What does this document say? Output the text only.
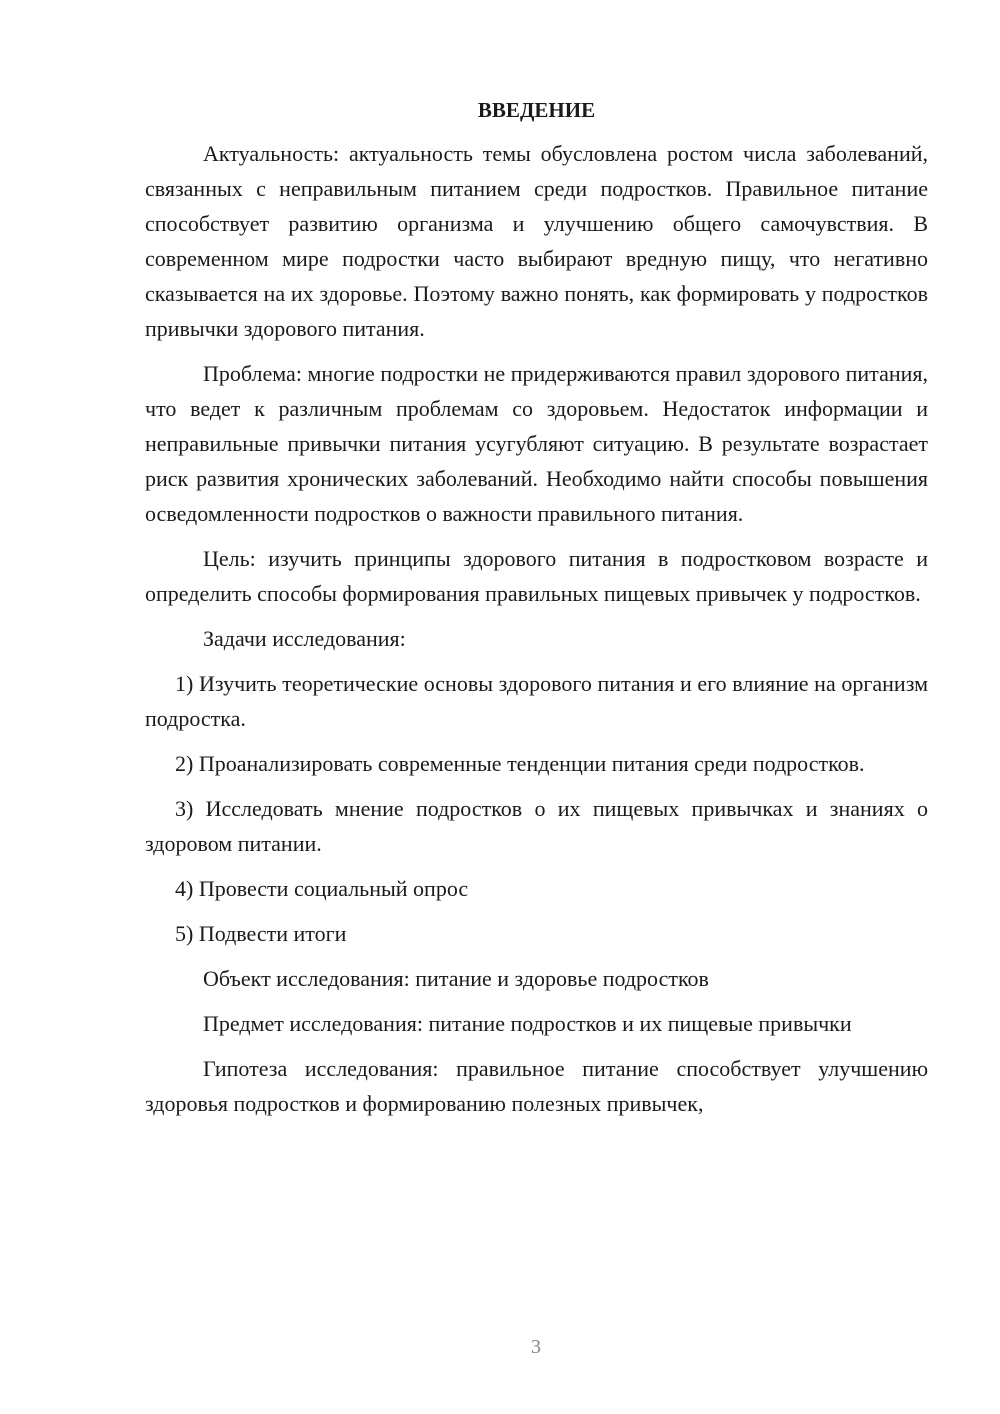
ВВЕДЕНИЕ

Актуальность: актуальность темы обусловлена ростом числа заболеваний, связанных с неправильным питанием среди подростков. Правильное питание способствует развитию организма и улучшению общего самочувствия. В современном мире подростки часто выбирают вредную пищу, что негативно сказывается на их здоровье. Поэтому важно понять, как формировать у подростков привычки здорового питания.

Проблема: многие подростки не придерживаются правил здорового питания, что ведет к различным проблемам со здоровьем. Недостаток информации и неправильные привычки питания усугубляют ситуацию. В результате возрастает риск развития хронических заболеваний. Необходимо найти способы повышения осведомленности подростков о важности правильного питания.

Цель: изучить принципы здорового питания в подростковом возрасте и определить способы формирования правильных пищевых привычек у подростков.

Задачи исследования:

1) Изучить теоретические основы здорового питания и его влияние на организм подростка.

2) Проанализировать современные тенденции питания среди подростков.

3) Исследовать мнение подростков о их пищевых привычках и знаниях о здоровом питании.

4) Провести социальный опрос

5) Подвести итоги

Объект исследования: питание и здоровье подростков

Предмет исследования: питание подростков и их пищевые привычки

Гипотеза исследования: правильное питание способствует улучшению здоровья подростков и формированию полезных привычек,

3
